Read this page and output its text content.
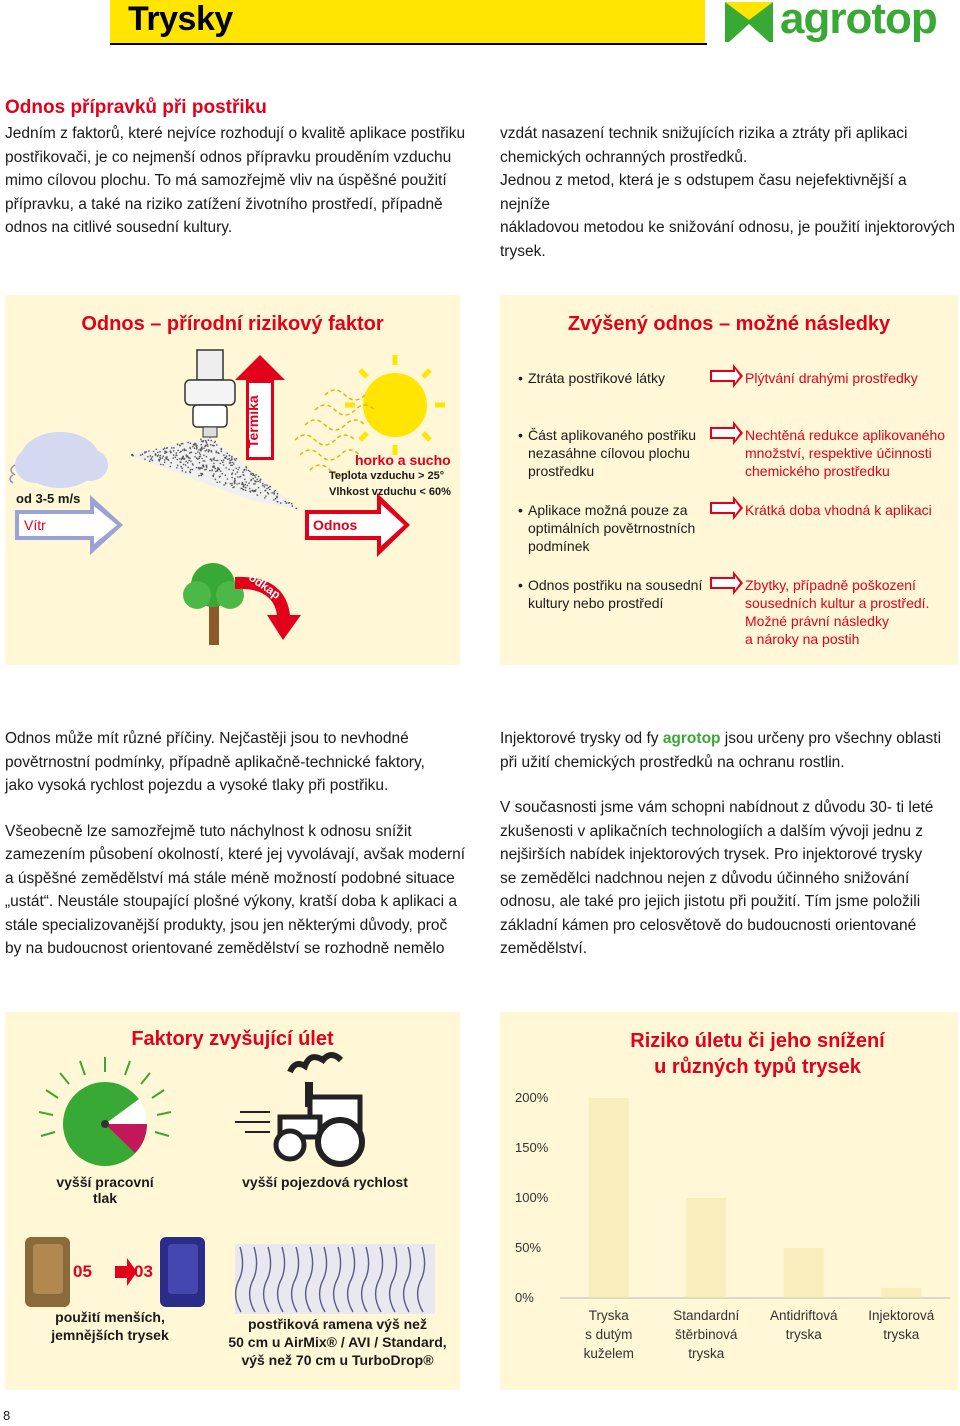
Trysky	agrotop
Odnos přípravků při postřiku
Jedním z faktorů, které nejvíce rozhodují o kvalitě aplikace postřiku
postřikovači, je co nejmenší odnos přípravku prouděním vzduchu
mimo cílovou plochu. To má samozřejmě vliv na úspěšné použití
přípravku, a také na riziko zatížení životního prostředí, případně
odnos na citlivé sousední kultury.
vzdát nasazení technik snižujících rizika a ztráty při aplikaci
chemických ochranných prostředků.
Jednou z metod, která je s odstupem času nejefektivnější a nejníže
nákladovou metodou ke snižování odnosu, je použití injektorových
trysek.
Odnos – přírodní rizikový faktor
od 3-5 m/s
Vítr
Termika
horko a sucho
Teplota vzduchu > 25°
Vlhkost vzduchu < 60%
Odnos
odkap
Zvýšený odnos – možné následky
• Ztráta postřikové látky	Plýtvání drahými prostředky
• Část aplikovaného postřiku
nezasáhne cílovou plochu
prostředku
Nechtěná redukce aplikovaného
množství, respektive účinnosti
chemického prostředku
• Aplikace možná pouze za
optimálních povětrnostních
podmínek
Krátká doba vhodná k aplikaci
• Odnos postřiku na sousední
kultury nebo prostředí
Zbytky, případně poškození
sousedních kultur a prostředí.
Možné právní následky
a nároky na postih
Odnos může mít různé příčiny. Nejčastěji jsou to nevhodné
povětrnostní podmínky, případně aplikačně-technické faktory,
jako vysoká rychlost pojezdu a vysoké tlaky při postřiku.
Všeobecně lze samozřejmě tuto náchylnost k odnosu snížit
zamezením působení okolností, které jej vyvolávají, avšak moderní
a úspěšné zemědělství má stále méně možností podobné situace
„ustát“. Neustále stoupající plošné výkony, kratší doba k aplikaci a
stále specializovanější produkty, jsou jen některými důvody, proč
by na budoucnost orientované zemědělství se rozhodně nemělo
Injektorové trysky od fy agrotop jsou určeny pro všechny oblasti
při užití chemických prostředků na ochranu rostlin.
V současnosti jsme vám schopni nabídnout z důvodu 30- ti leté
zkušenosti v aplikačních technologiích a dalším vývoji jednu z
nejširších nabídek injektorových trysek. Pro injektorové trysky
se zemědělci nadchnou nejen z důvodu účinného snižování
odnosu, ale také pro jejich jistotu při použití. Tím jsme položili
základní kámen pro celosvětově do budoucnosti orientované
zemědělství.
Faktory zvyšující úlet
vyšší pracovní tlak
vyšší pojezdová rychlost
05 03
použití menších,
jemnějších trysek
postřiková ramena výš než
50 cm u AirMix® / AVI / Standard,
výš než 70 cm u TurboDrop®
Riziko úletu či jeho snížení
u různých typů trysek
200%
150%
100%
50%
0%
Tryska
s dutým
kuželem
Standardní
štěrbinová
tryska
Antidriftová
tryska
Injektorová
tryska
8
